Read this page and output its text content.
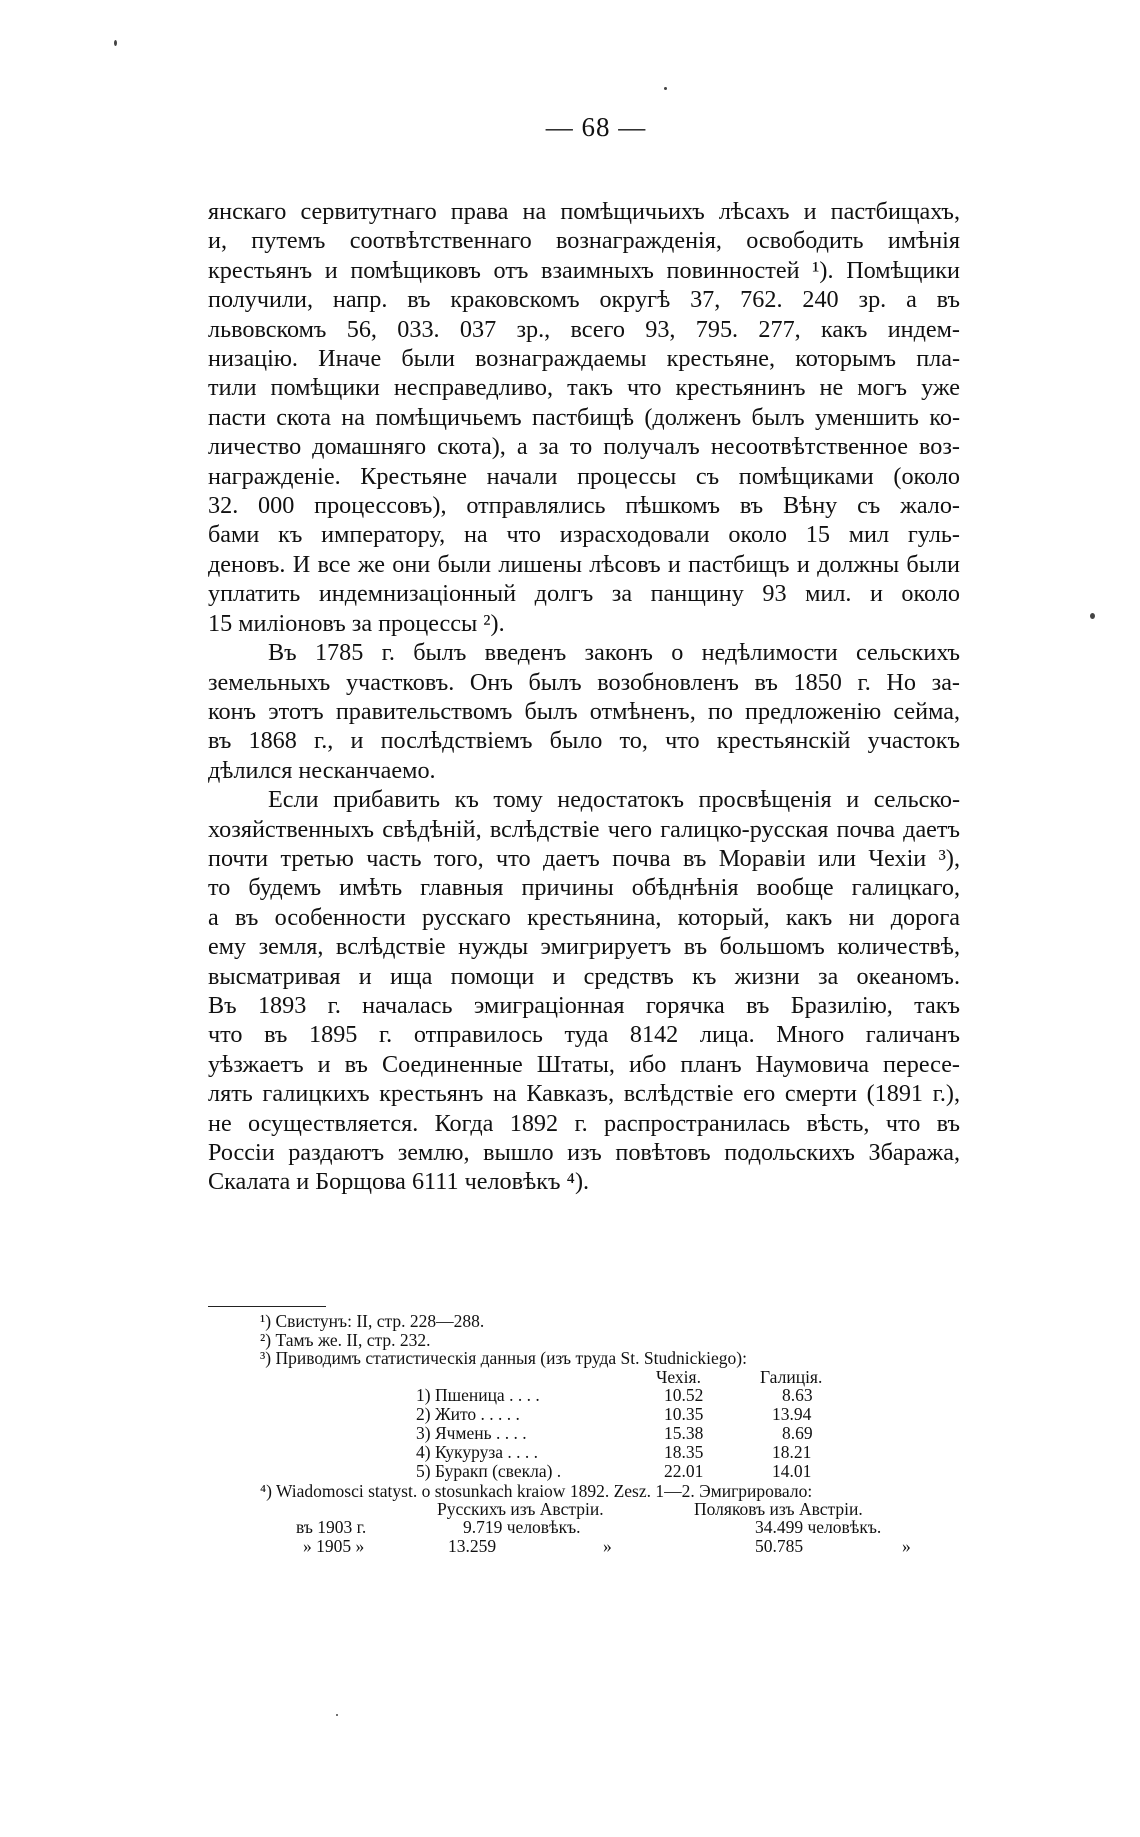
— 68 —
янскаго сервитутнаго права на помѣщичьихъ лѣсахъ и пастбищахъ,
и, путемъ соотвѣтственнаго вознагражденія, освободить имѣнія
крестьянъ и помѣщиковъ отъ взаимныхъ повинностей ¹). Помѣщики
получили, напр. въ краковскомъ округѣ 37, 762. 240 зр. а въ
львовскомъ 56, 033. 037 зр., всего 93, 795. 277, какъ индем-
низацію. Иначе были вознаграждаемы крестьяне, которымъ пла-
тили помѣщики несправедливо, такъ что крестьянинъ не могъ уже
пасти скота на помѣщичьемъ пастбищѣ (долженъ былъ уменшить ко-
личество домашняго скота), а за то получалъ несоотвѣтственное воз-
награжденіе. Крестьяне начали процессы съ помѣщиками (около
32. 000 процессовъ), отправлялись пѣшкомъ въ Вѣну съ жало-
бами къ императору, на что израсходовали около 15 мил гуль-
деновъ. И все же они были лишены лѣсовъ и пастбищъ и должны были
уплатить индемнизаціонный долгъ за панщину 93 мил. и около
15 миліоновъ за процессы ²).
Въ 1785 г. былъ введенъ законъ о недѣлимости сельскихъ
земельныхъ участковъ. Онъ былъ возобновленъ въ 1850 г. Но за-
конъ этотъ правительствомъ былъ отмѣненъ, по предложенію сейма,
въ 1868 г., и послѣдствіемъ было то, что крестьянскій участокъ
дѣлился несканчаемо.
Если прибавить къ тому недостатокъ просвѣщенія и сельско-
хозяйственныхъ свѣдѣній, вслѣдствіе чего галицко-русская почва даетъ
почти третью часть того, что даетъ почва въ Моравіи или Чехіи ³),
то будемъ имѣть главныя причины обѣднѣнія вообще галицкаго,
а въ особенности русскаго крестьянина, который, какъ ни дорога
ему земля, вслѣдствіе нужды эмигрируетъ въ большомъ количествѣ,
высматривая и ища помощи и средствъ къ жизни за океаномъ.
Въ 1893 г. началась эмиграціонная горячка въ Бразилію, такъ
что въ 1895 г. отправилось туда 8142 лица. Много галичанъ
уѣзжаетъ и въ Соединенные Штаты, ибо планъ Наумовича пересе-
лять галицкихъ крестьянъ на Кавказъ, вслѣдствіе его смерти (1891 г.),
не осуществляется. Когда 1892 г. распространилась вѣсть, что въ
Россіи раздаютъ землю, вышло изъ повѣтовъ подольскихъ Збаража,
Скалата и Борщова 6111 человѣкъ ⁴).
¹) Свистунъ: II, стр. 228—288.
²) Тамъ же. II, стр. 232.
³) Приводимъ статистическія данныя (изъ труда St. Studnickiego):
Чехія.	Галиція.
1) Пшеница . . . .	10.52	8.63
2) Жито . . . . .	10.35	13.94
3) Ячмень . . . .	15.38	8.69
4) Кукуруза . . . .	18.35	18.21
5) Буракп (свекла) .	22.01	14.01
⁴) Wiadomosci statyst. o stosunkach kraiow 1892. Zesz. 1—2. Эмигрировало:
Русскихъ изъ Австріи.	Поляковъ изъ Австріи.
въ 1903 г.	9.719 человѣкъ.	34.499 человѣкъ.
» 1905 »	13.259	»	50.785	»
